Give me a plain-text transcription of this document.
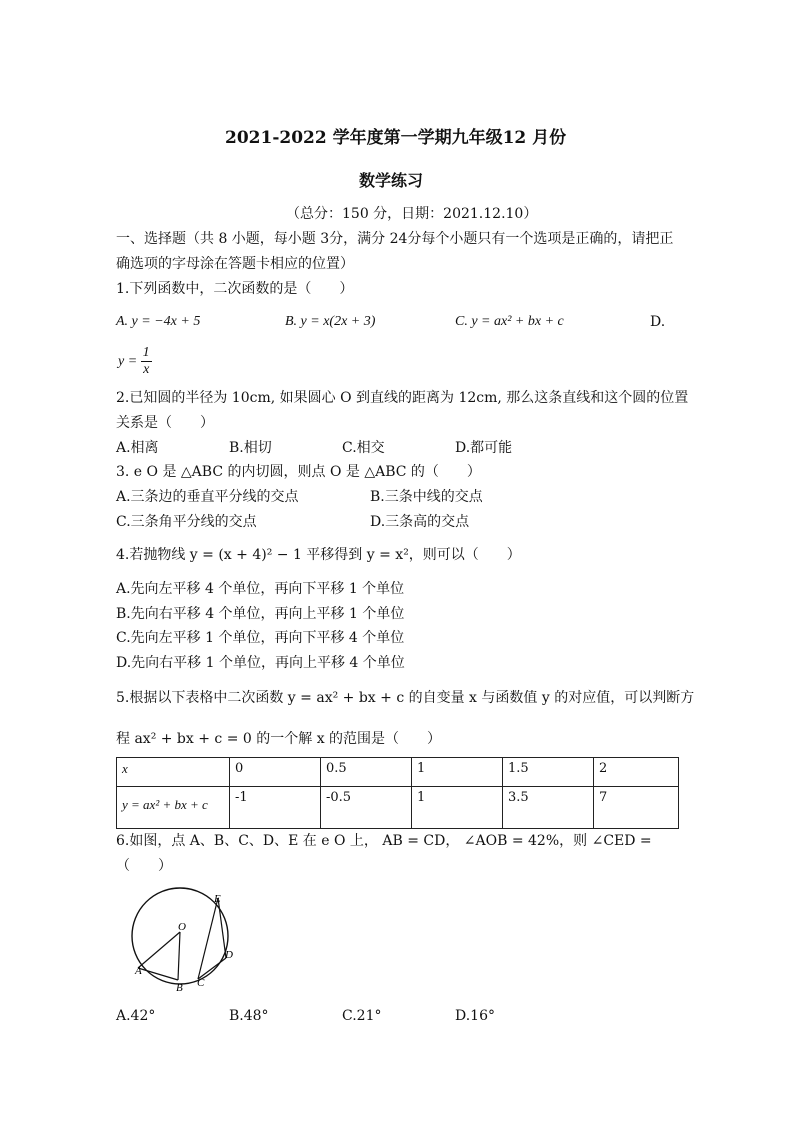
2021-2022 学年度第一学期九年级12 月份
数学练习
（总分：150 分，日期：2021.12.10）
一、选择题（共 8 小题，每小题 3分，满分 24分每个小题只有一个选项是正确的，请把正
确选项的字母涂在答题卡相应的位置）
1.下列函数中，二次函数的是（　　）
A. y = −4x + 5	B. y = x(2x + 3)	C. y = ax² + bx + c	D.
$y = \frac{1}{x}$
2.已知圆的半径为 10cm, 如果圆心 O 到直线的距离为 12cm, 那么这条直线和这个圆的位置
关系是（　　）
A.相离	B.相切	C.相交	D.都可能
3. e O 是 △ABC 的内切圆，则点 O 是 △ABC 的（　　）
A.三条边的垂直平分线的交点	B.三条中线的交点
C.三条角平分线的交点	D.三条高的交点
4.若抛物线 y = (x + 4)² − 1 平移得到 y = x²，则可以（　　）
A.先向左平移 4 个单位，再向下平移 1 个单位
B.先向右平移 4 个单位，再向上平移 1 个单位
C.先向左平移 1 个单位，再向下平移 4 个单位
D.先向右平移 1 个单位，再向上平移 4 个单位
5.根据以下表格中二次函数 y = ax² + bx + c 的自变量 x 与函数值 y 的对应值，可以判断方
程 ax² + bx + c = 0 的一个解 x 的范围是（　　）
x	0	0.5	1	1.5	2
y = ax² + bx + c	-1	-0.5	1	3.5	7
6.如图，点 A、B、C、D、E 在 e O 上， AB = CD， ∠AOB = 42%，则 ∠CED =
（　　）
O
A
B C
D
E
A.42°	B.48°	C.21°	D.16°
